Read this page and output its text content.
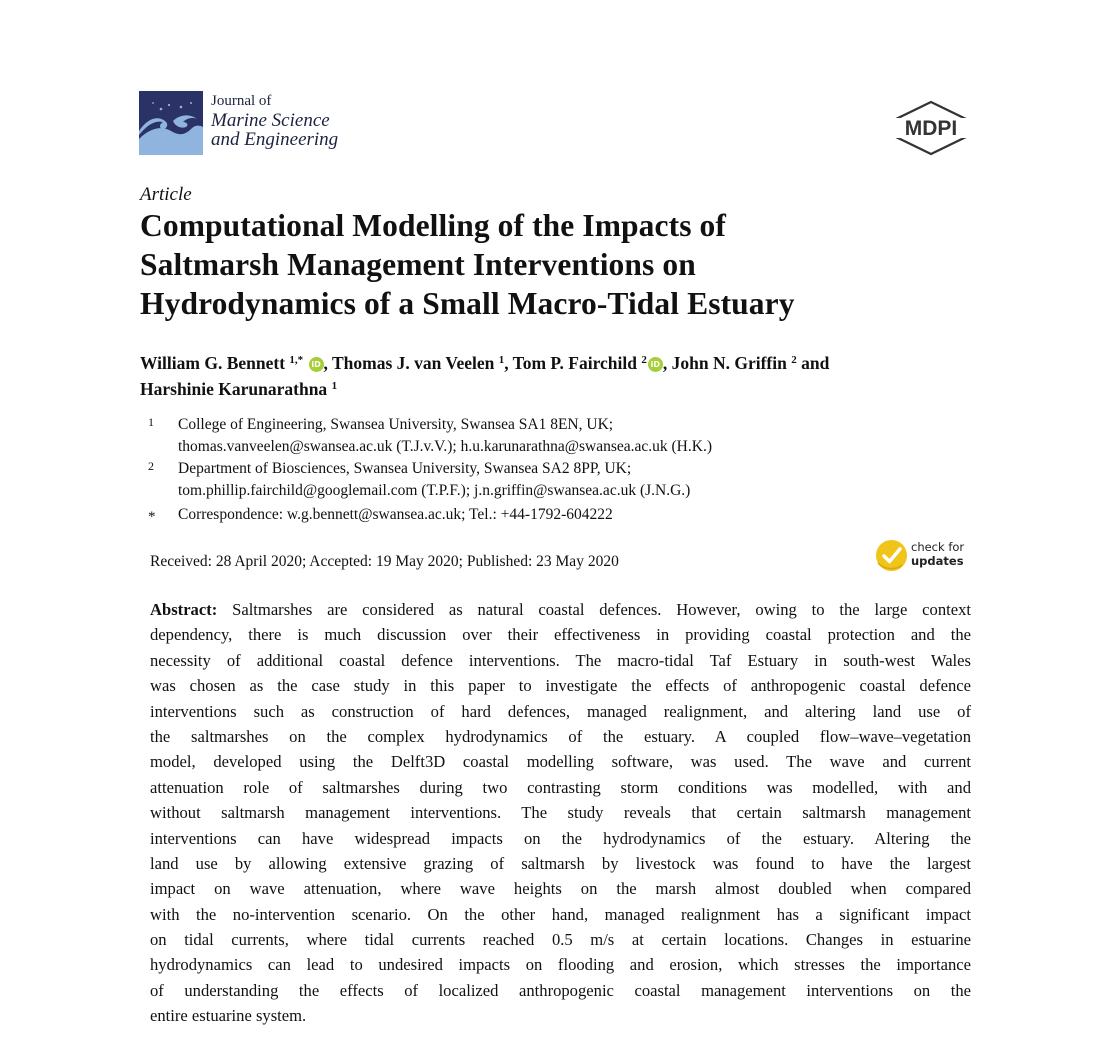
Journal of
Marine Science
and Engineering	MDPI
Article
Computational Modelling of the Impacts of
Saltmarsh Management Interventions on
Hydrodynamics of a Small Macro-Tidal Estuary
William G. Bennett $^{1,*}$ iD , Thomas J. van Veelen $^1$, Tom P. Fairchild $^2$ iD , John N. Griffin $^2$ and
Harshinie Karunarathna $^1$
1 College of Engineering, Swansea University, Swansea SA1 8EN, UK;
thomas.vanveelen@swansea.ac.uk (T.J.v.V.); h.u.karunarathna@swansea.ac.uk (H.K.)
2 Department of Biosciences, Swansea University, Swansea SA2 8PP, UK;
tom.phillip.fairchild@googlemail.com (T.P.F.); j.n.griffin@swansea.ac.uk (J.N.G.)
* Correspondence: w.g.bennett@swansea.ac.uk; Tel.: +44-1792-604222
Received: 28 April 2020; Accepted: 19 May 2020; Published: 23 May 2020
check for
updates
Abstract: Saltmarshes are considered as natural coastal defences. However, owing to the large context
dependency, there is much discussion over their effectiveness in providing coastal protection and the
necessity of additional coastal defence interventions. The macro-tidal Taf Estuary in south-west Wales
was chosen as the case study in this paper to investigate the effects of anthropogenic coastal defence
interventions such as construction of hard defences, managed realignment, and altering land use of
the saltmarshes on the complex hydrodynamics of the estuary. A coupled flow–wave–vegetation
model, developed using the Delft3D coastal modelling software, was used. The wave and current
attenuation role of saltmarshes during two contrasting storm conditions was modelled, with and
without saltmarsh management interventions. The study reveals that certain saltmarsh management
interventions can have widespread impacts on the hydrodynamics of the estuary. Altering the
land use by allowing extensive grazing of saltmarsh by livestock was found to have the largest
impact on wave attenuation, where wave heights on the marsh almost doubled when compared
with the no-intervention scenario. On the other hand, managed realignment has a significant impact
on tidal currents, where tidal currents reached 0.5 m/s at certain locations. Changes in estuarine
hydrodynamics can lead to undesired impacts on flooding and erosion, which stresses the importance
of understanding the effects of localized anthropogenic coastal management interventions on the
entire estuarine system.
